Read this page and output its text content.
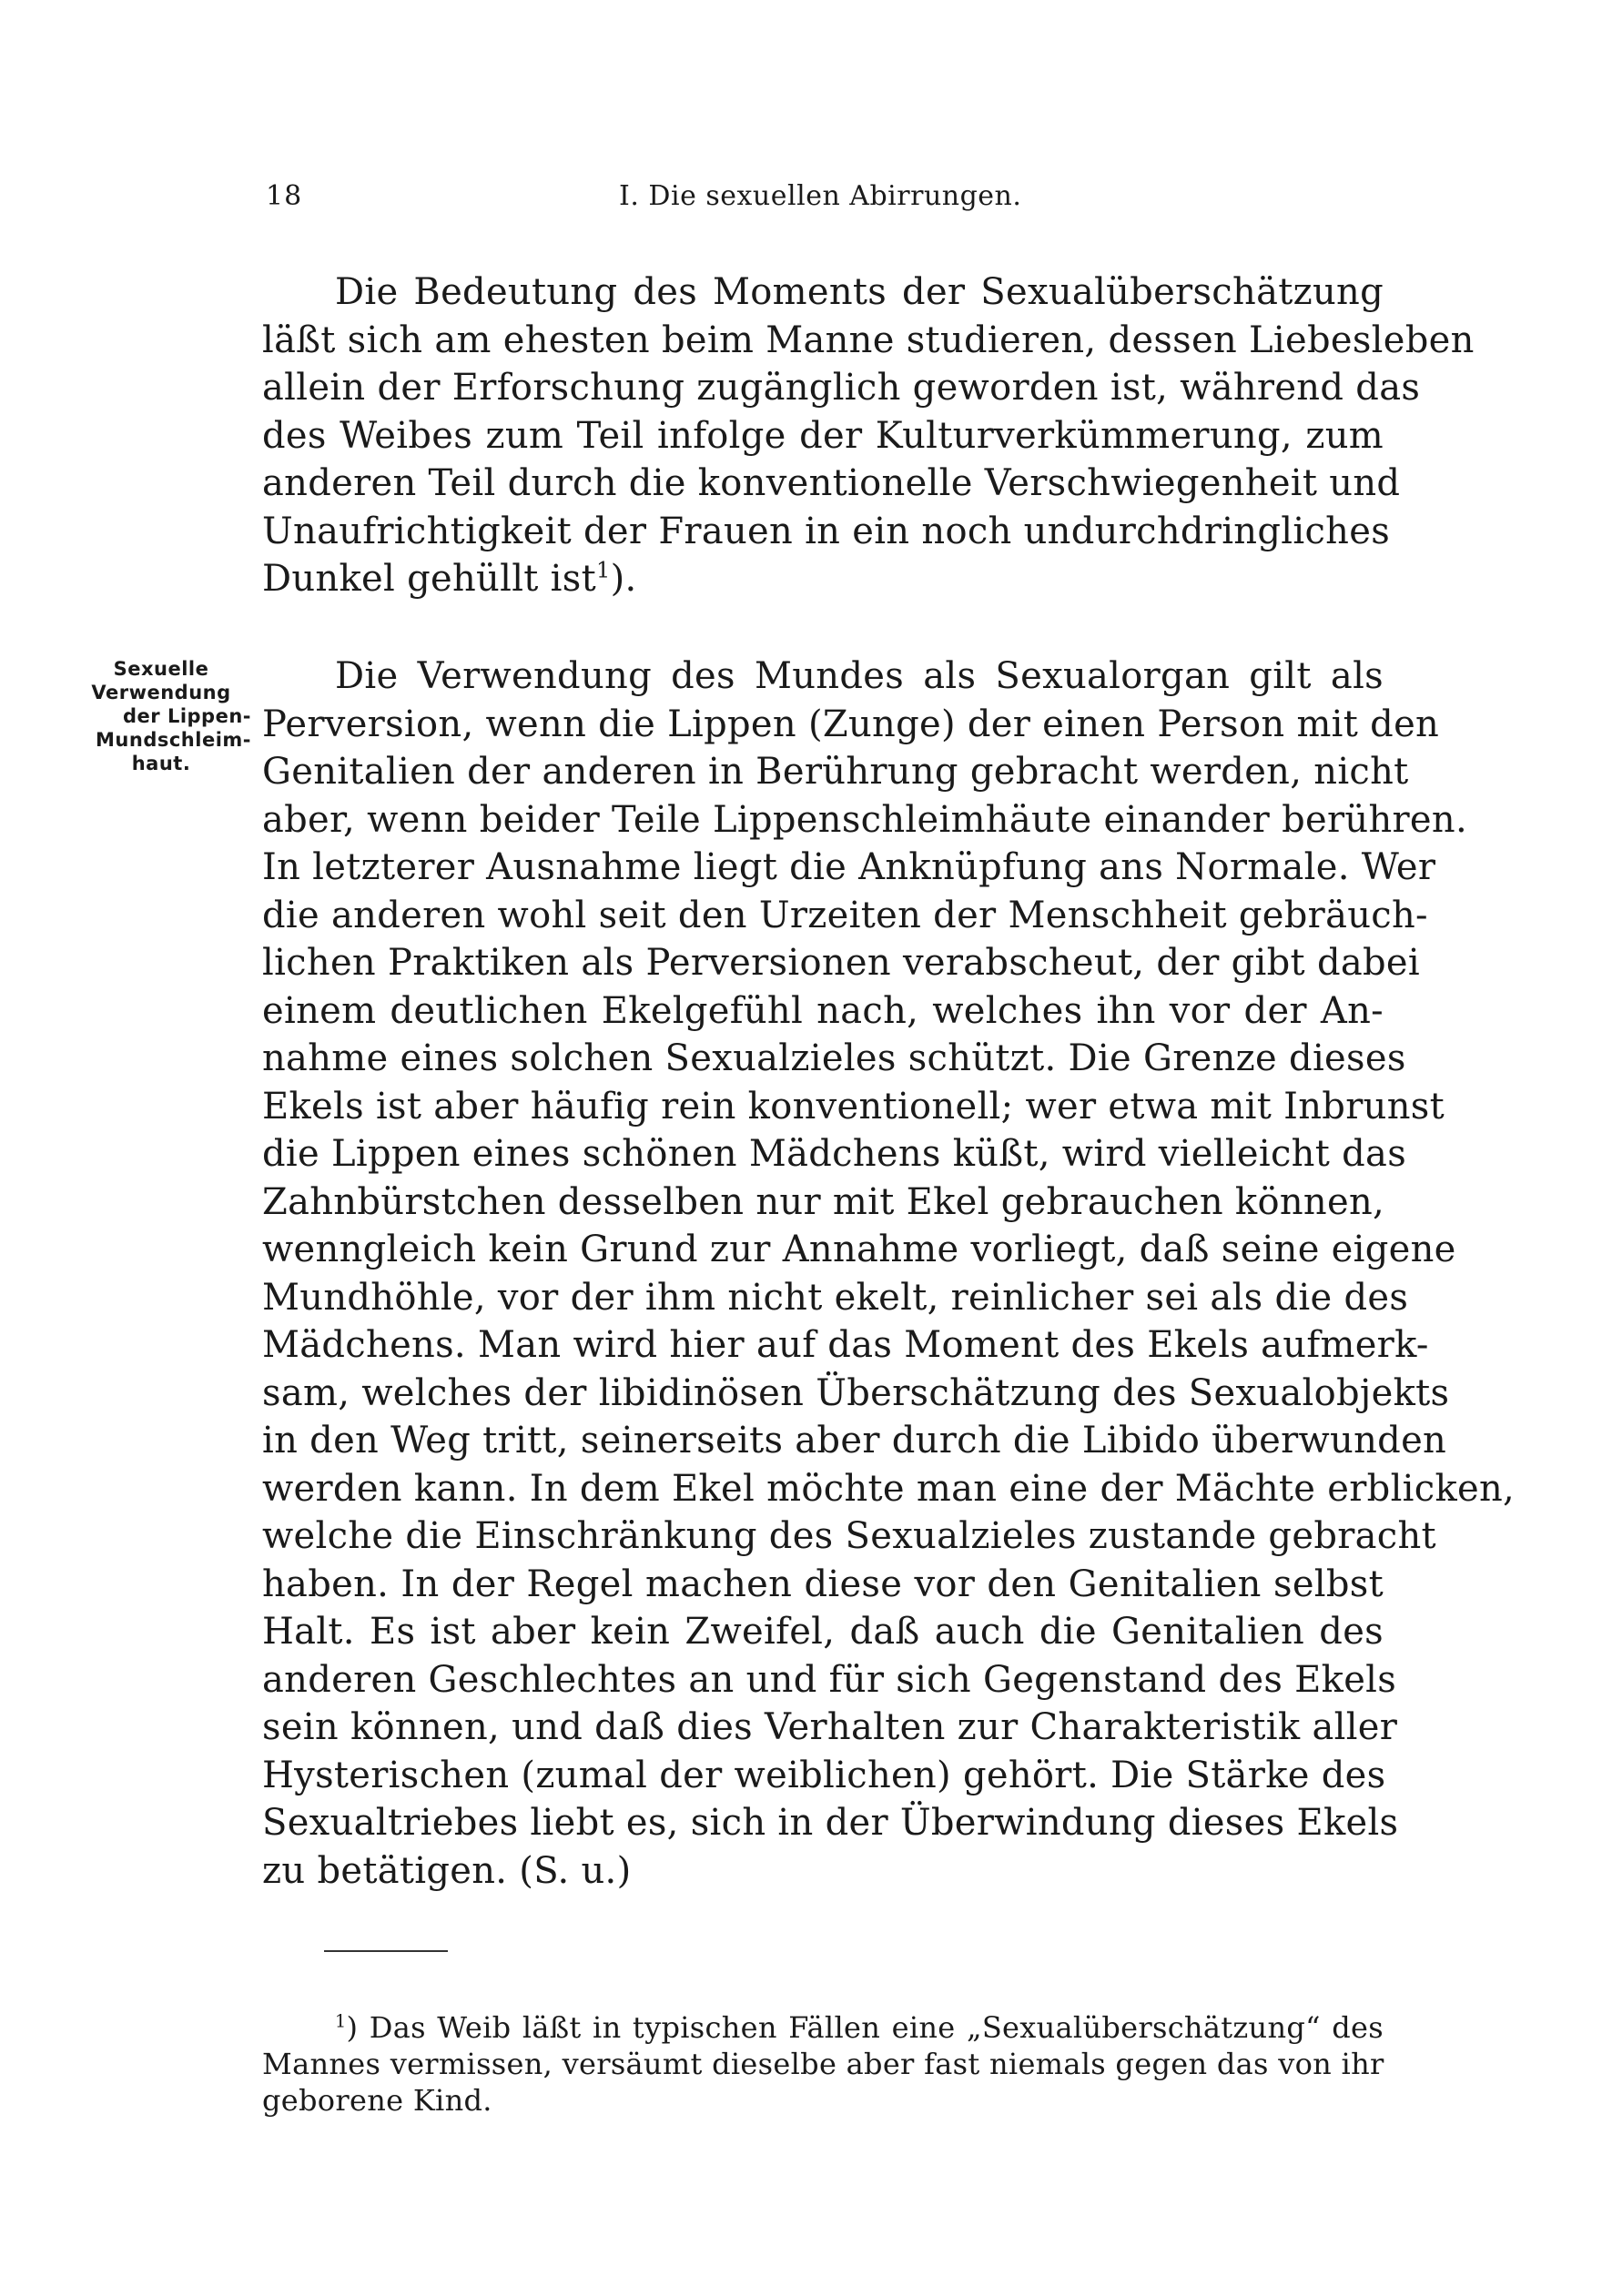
18	I. Die sexuellen Abirrungen.
Die Bedeutung des Moments der Sexualüberschätzung
läßt sich am ehesten beim Manne studieren, dessen Liebesleben
allein der Erforschung zugänglich geworden ist, während das
des Weibes zum Teil infolge der Kulturverkümmerung, zum
anderen Teil durch die konventionelle Verschwiegenheit und
Unaufrichtigkeit der Frauen in ein noch undurchdringliches
Dunkel gehüllt ist$^1$).
Sexuelle
Verwendung
der Lippen-
Mundschleim-
haut.
Die Verwendung des Mundes als Sexualorgan gilt als
Perversion, wenn die Lippen (Zunge) der einen Person mit den
Genitalien der anderen in Berührung gebracht werden, nicht
aber, wenn beider Teile Lippenschleimhäute einander berühren.
In letzterer Ausnahme liegt die Anknüpfung ans Normale. Wer
die anderen wohl seit den Urzeiten der Menschheit gebräuch-
lichen Praktiken als Perversionen verabscheut, der gibt dabei
einem deutlichen Ekelgefühl nach, welches ihn vor der An-
nahme eines solchen Sexualzieles schützt. Die Grenze dieses
Ekels ist aber häufig rein konventionell; wer etwa mit Inbrunst
die Lippen eines schönen Mädchens küßt, wird vielleicht das
Zahnbürstchen desselben nur mit Ekel gebrauchen können,
wenngleich kein Grund zur Annahme vorliegt, daß seine eigene
Mundhöhle, vor der ihm nicht ekelt, reinlicher sei als die des
Mädchens. Man wird hier auf das Moment des Ekels aufmerk-
sam, welches der libidinösen Überschätzung des Sexualobjekts
in den Weg tritt, seinerseits aber durch die Libido überwunden
werden kann. In dem Ekel möchte man eine der Mächte erblicken,
welche die Einschränkung des Sexualzieles zustande gebracht
haben. In der Regel machen diese vor den Genitalien selbst
Halt. Es ist aber kein Zweifel, daß auch die Genitalien des
anderen Geschlechtes an und für sich Gegenstand des Ekels
sein können, und daß dies Verhalten zur Charakteristik aller
Hysterischen (zumal der weiblichen) gehört. Die Stärke des
Sexualtriebes liebt es, sich in der Überwindung dieses Ekels
zu betätigen. (S. u.)
$^1$) Das Weib läßt in typischen Fällen eine „Sexualüberschätzung“ des
Mannes vermissen, versäumt dieselbe aber fast niemals gegen das von ihr
geborene Kind.
